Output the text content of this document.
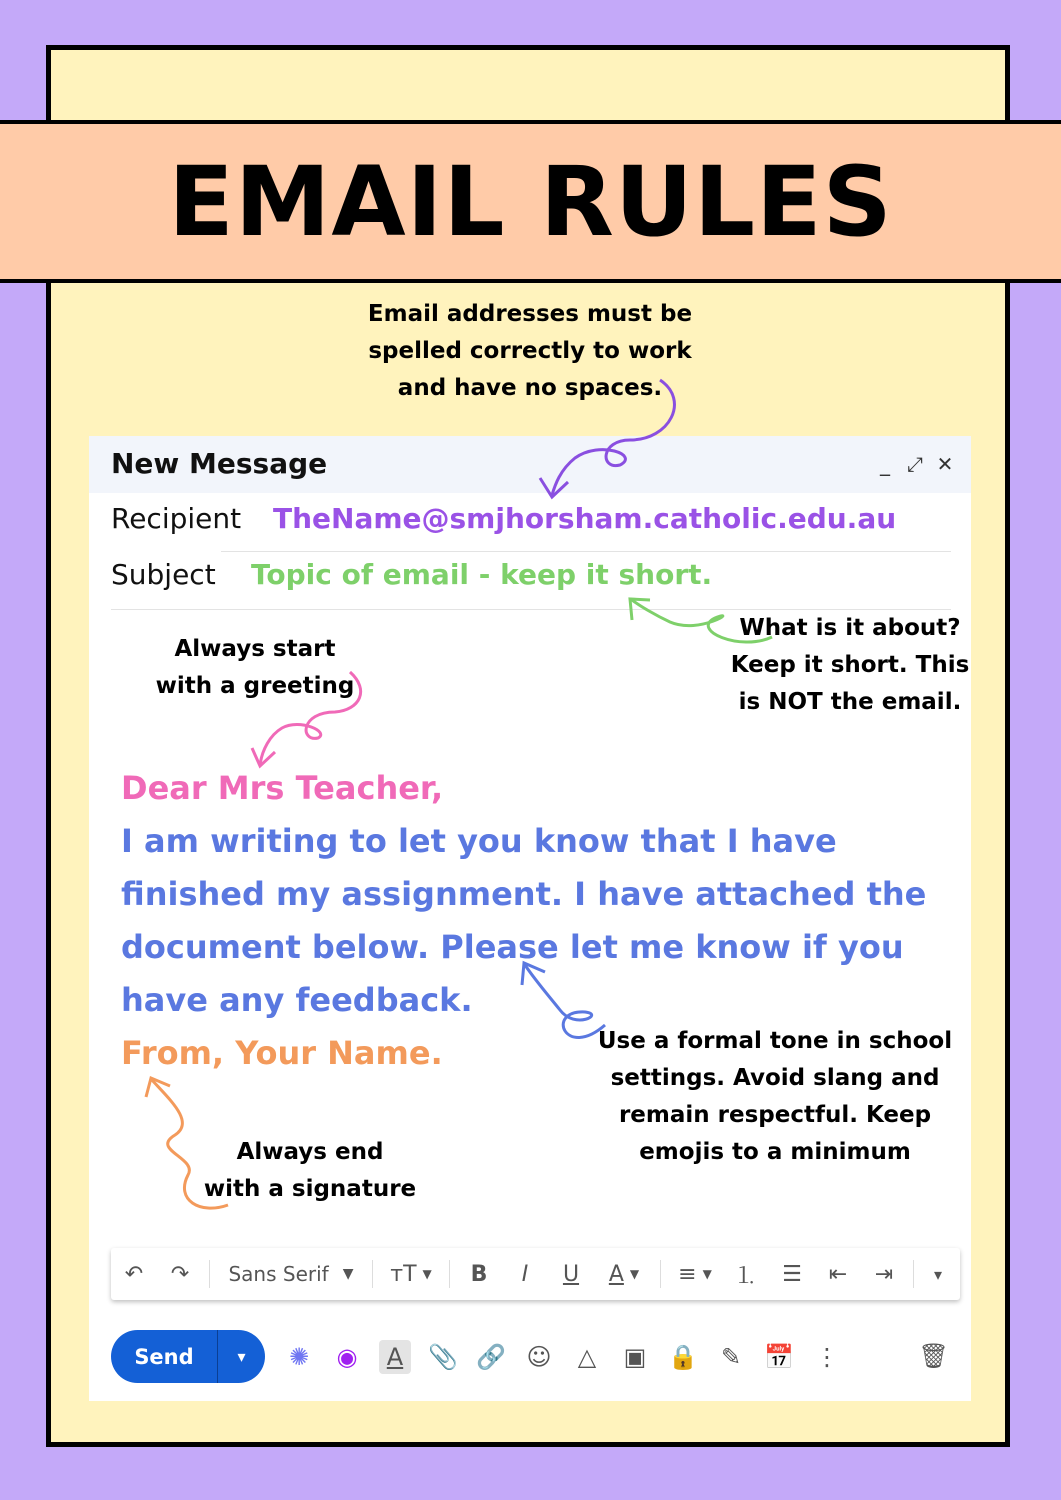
EMAIL RULES
Email addresses must be
spelled correctly to work
and have no spaces.
New Message	_ ⤢ ✕
Recipient TheName@smjhorsham.catholic.edu.au
Subject Topic of email - keep it short.
Dear Mrs Teacher,
I am writing to let you know that I have
finished my assignment. I have attached the
document below. Please let me know if you
have any feedback.
From, Your Name.
↶	↷	Sans Serif ▼ тT ▼	B	I	U	A ▼ ≡ ▼	⒈	☰	⇤	⇥	▾
Send	▾	✺ ◉	A	📎 🔗 ☺ △ ▣ 🔒 ✎ 📅 ⋮	🗑
What is it about?
Keep it short. This
is NOT the email.
Always start
with a greeting
Use a formal tone in school
settings. Avoid slang and
remain respectful. Keep
emojis to a minimum
Always end
with a signature
